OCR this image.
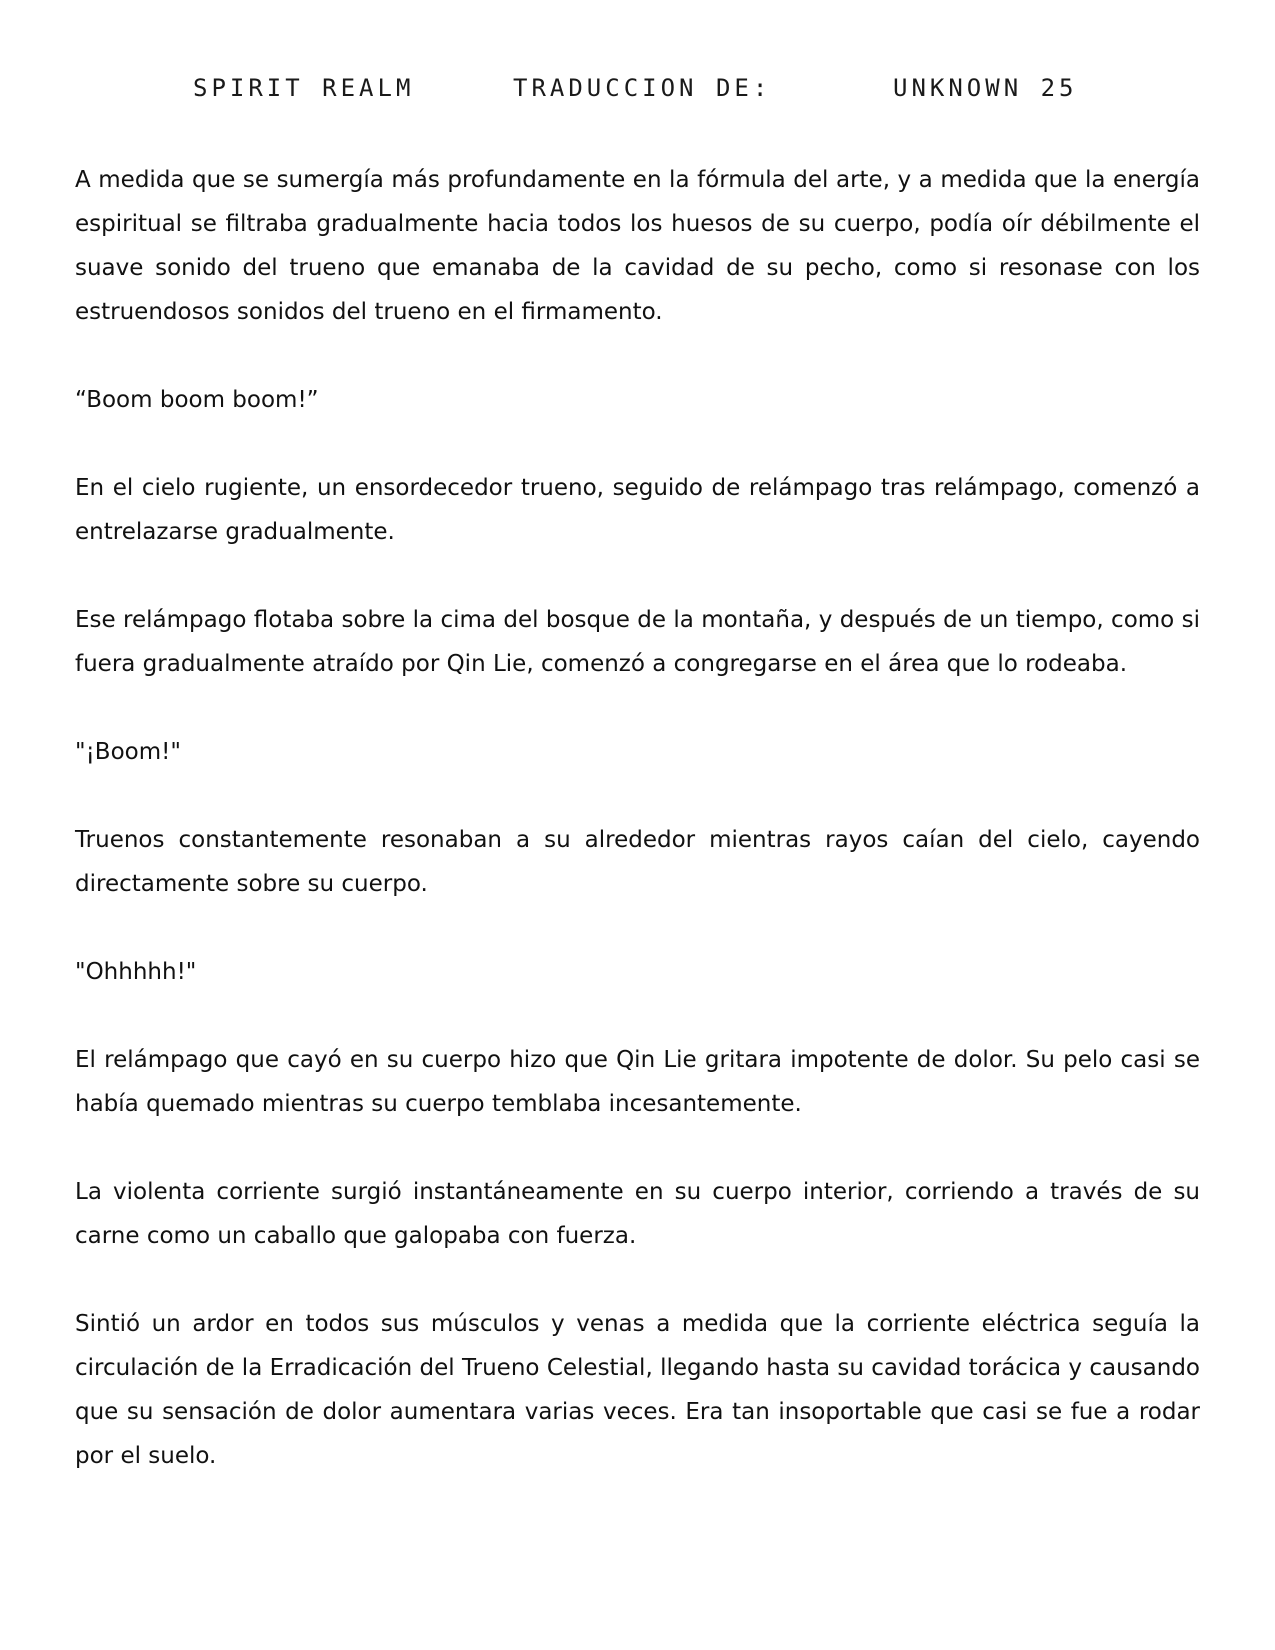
SPIRIT REALM	TRADUCCION DE:	UNKNOWN 25

A medida que se sumergía más profundamente en la fórmula del arte, y a medida que la energía espiritual se filtraba gradualmente hacia todos los huesos de su cuerpo, podía oír débilmente el suave sonido del trueno que emanaba de la cavidad de su pecho, como si resonase con los estruendosos sonidos del trueno en el firmamento.

“Boom boom boom!”

En el cielo rugiente, un ensordecedor trueno, seguido de relámpago tras relámpago, comenzó a entrelazarse gradualmente.

Ese relámpago flotaba sobre la cima del bosque de la montaña, y después de un tiempo, como si fuera gradualmente atraído por Qin Lie, comenzó a congregarse en el área que lo rodeaba.

"¡Boom!"

Truenos constantemente resonaban a su alrededor mientras rayos caían del cielo, cayendo directamente sobre su cuerpo.

"Ohhhhh!"

El relámpago que cayó en su cuerpo hizo que Qin Lie gritara impotente de dolor. Su pelo casi se había quemado mientras su cuerpo temblaba incesantemente.

La violenta corriente surgió instantáneamente en su cuerpo interior, corriendo a través de su carne como un caballo que galopaba con fuerza.

Sintió un ardor en todos sus músculos y venas a medida que la corriente eléctrica seguía la circulación de la Erradicación del Trueno Celestial, llegando hasta su cavidad torácica y causando que su sensación de dolor aumentara varias veces. Era tan insoportable que casi se fue a rodar por el suelo.
